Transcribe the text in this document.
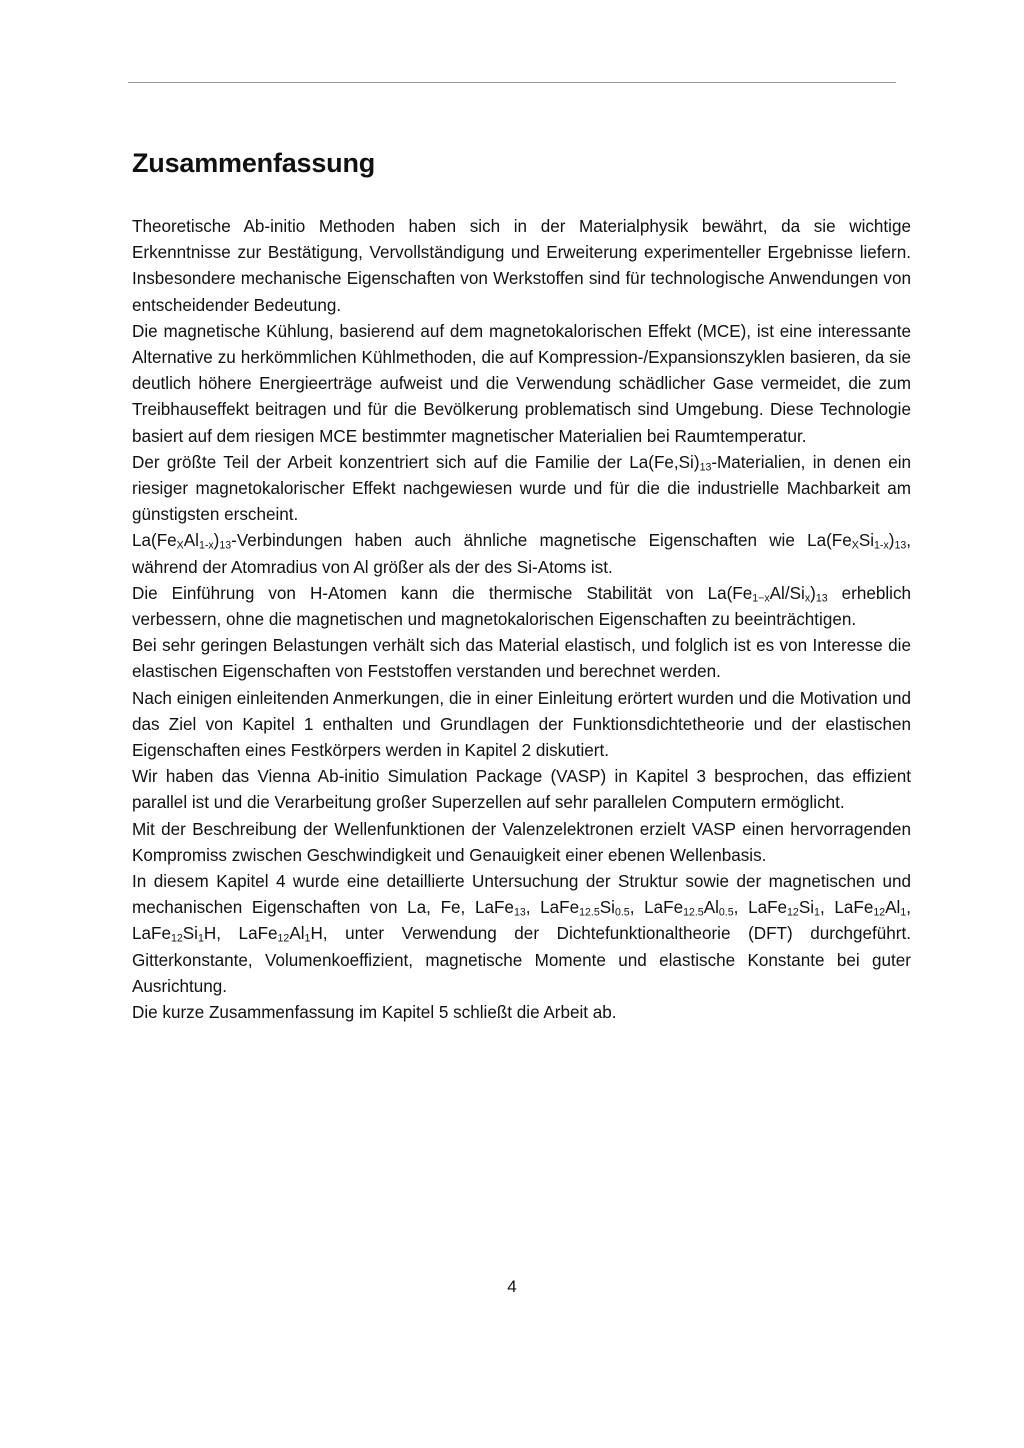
Zusammenfassung

Theoretische Ab-initio Methoden haben sich in der Materialphysik bewährt, da sie wichtige Erkenntnisse zur Bestätigung, Vervollständigung und Erweiterung experimenteller Ergebnisse liefern. Insbesondere mechanische Eigenschaften von Werkstoffen sind für technologische Anwendungen von entscheidender Bedeutung.

Die magnetische Kühlung, basierend auf dem magnetokalorischen Effekt (MCE), ist eine interessante Alternative zu herkömmlichen Kühlmethoden, die auf Kompression-/Expansionszyklen basieren, da sie deutlich höhere Energieerträge aufweist und die Verwendung schädlicher Gase vermeidet, die zum Treibhauseffekt beitragen und für die Bevölkerung problematisch sind Umgebung. Diese Technologie basiert auf dem riesigen MCE bestimmter magnetischer Materialien bei Raumtemperatur.

Der größte Teil der Arbeit konzentriert sich auf die Familie der $La(Fe,Si)_{13}$-Materialien, in denen ein riesiger magnetokalorischer Effekt nachgewiesen wurde und für die die industrielle Machbarkeit am günstigsten erscheint.

$La(Fe_XAl_{1-x})_{13}$-Verbindungen haben auch ähnliche magnetische Eigenschaften wie $La(Fe_XSi_{1-x})_{13}$, während der Atomradius von Al größer als der des Si-Atoms ist.

Die Einführung von H-Atomen kann die thermische Stabilität von $La(Fe_{1-x}Al/Si_x)_{13}$ erheblich verbessern, ohne die magnetischen und magnetokalorischen Eigenschaften zu beeinträchtigen.

Bei sehr geringen Belastungen verhält sich das Material elastisch, und folglich ist es von Interesse die elastischen Eigenschaften von Feststoffen verstanden und berechnet werden.

Nach einigen einleitenden Anmerkungen, die in einer Einleitung erörtert wurden und die Motivation und das Ziel von Kapitel 1 enthalten und Grundlagen der Funktionsdichtetheorie und der elastischen Eigenschaften eines Festkörpers werden in Kapitel 2 diskutiert.

Wir haben das Vienna Ab-initio Simulation Package (VASP) in Kapitel 3 besprochen, das effizient parallel ist und die Verarbeitung großer Superzellen auf sehr parallelen Computern ermöglicht.

Mit der Beschreibung der Wellenfunktionen der Valenzelektronen erzielt VASP einen hervorragenden Kompromiss zwischen Geschwindigkeit und Genauigkeit einer ebenen Wellenbasis.

In diesem Kapitel 4 wurde eine detaillierte Untersuchung der Struktur sowie der magnetischen und mechanischen Eigenschaften von La, Fe, LaFe$_{13}$, $LaFe_{12.5}Si_{0.5}$, $LaFe_{12.5}Al_{0.5}$, $LaFe_{12}Si_1$, $LaFe_{12}Al_1$, $LaFe_{12}Si_1H$, $LaFe_{12}Al_1H$, unter Verwendung der Dichtefunktionaltheorie (DFT) durchgeführt. Gitterkonstante, Volumenkoeffizient, magnetische Momente und elastische Konstante bei guter Ausrichtung.

Die kurze Zusammenfassung im Kapitel 5 schließt die Arbeit ab.

4
